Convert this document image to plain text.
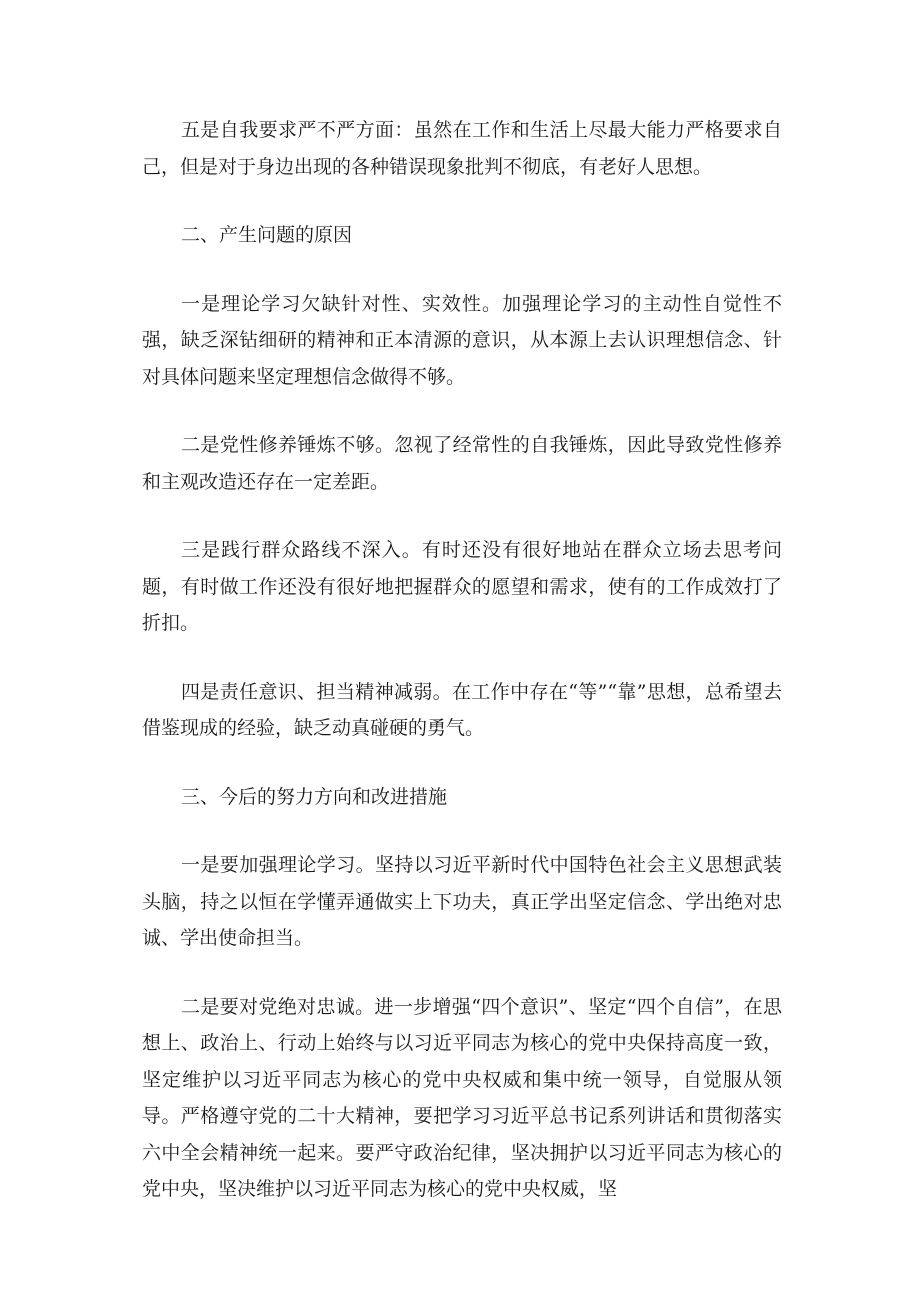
五是自我要求严不严方面：虽然在工作和生活上尽最大能力严格要求自己，但是对于身边出现的各种错误现象批判不彻底，有老好人思想。

二、产生问题的原因

一是理论学习欠缺针对性、实效性。加强理论学习的主动性自觉性不强，缺乏深钻细研的精神和正本清源的意识，从本源上去认识理想信念、针对具体问题来坚定理想信念做得不够。

二是党性修养锤炼不够。忽视了经常性的自我锤炼，因此导致党性修养和主观改造还存在一定差距。

三是践行群众路线不深入。有时还没有很好地站在群众立场去思考问题，有时做工作还没有很好地把握群众的愿望和需求，使有的工作成效打了折扣。

四是责任意识、担当精神减弱。在工作中存在“等”“靠”思想，总希望去借鉴现成的经验，缺乏动真碰硬的勇气。

三、今后的努力方向和改进措施

一是要加强理论学习。坚持以习近平新时代中国特色社会主义思想武装头脑，持之以恒在学懂弄通做实上下功夫，真正学出坚定信念、学出绝对忠诚、学出使命担当。

二是要对党绝对忠诚。进一步增强“四个意识”、坚定“四个自信”，在思想上、政治上、行动上始终与以习近平同志为核心的党中央保持高度一致，坚定维护以习近平同志为核心的党中央权威和集中统一领导，自觉服从领导。严格遵守党的二十大精神，要把学习习近平总书记系列讲话和贯彻落实六中全会精神统一起来。要严守政治纪律，坚决拥护以习近平同志为核心的党中央，坚决维护以习近平同志为核心的党中央权威，坚
